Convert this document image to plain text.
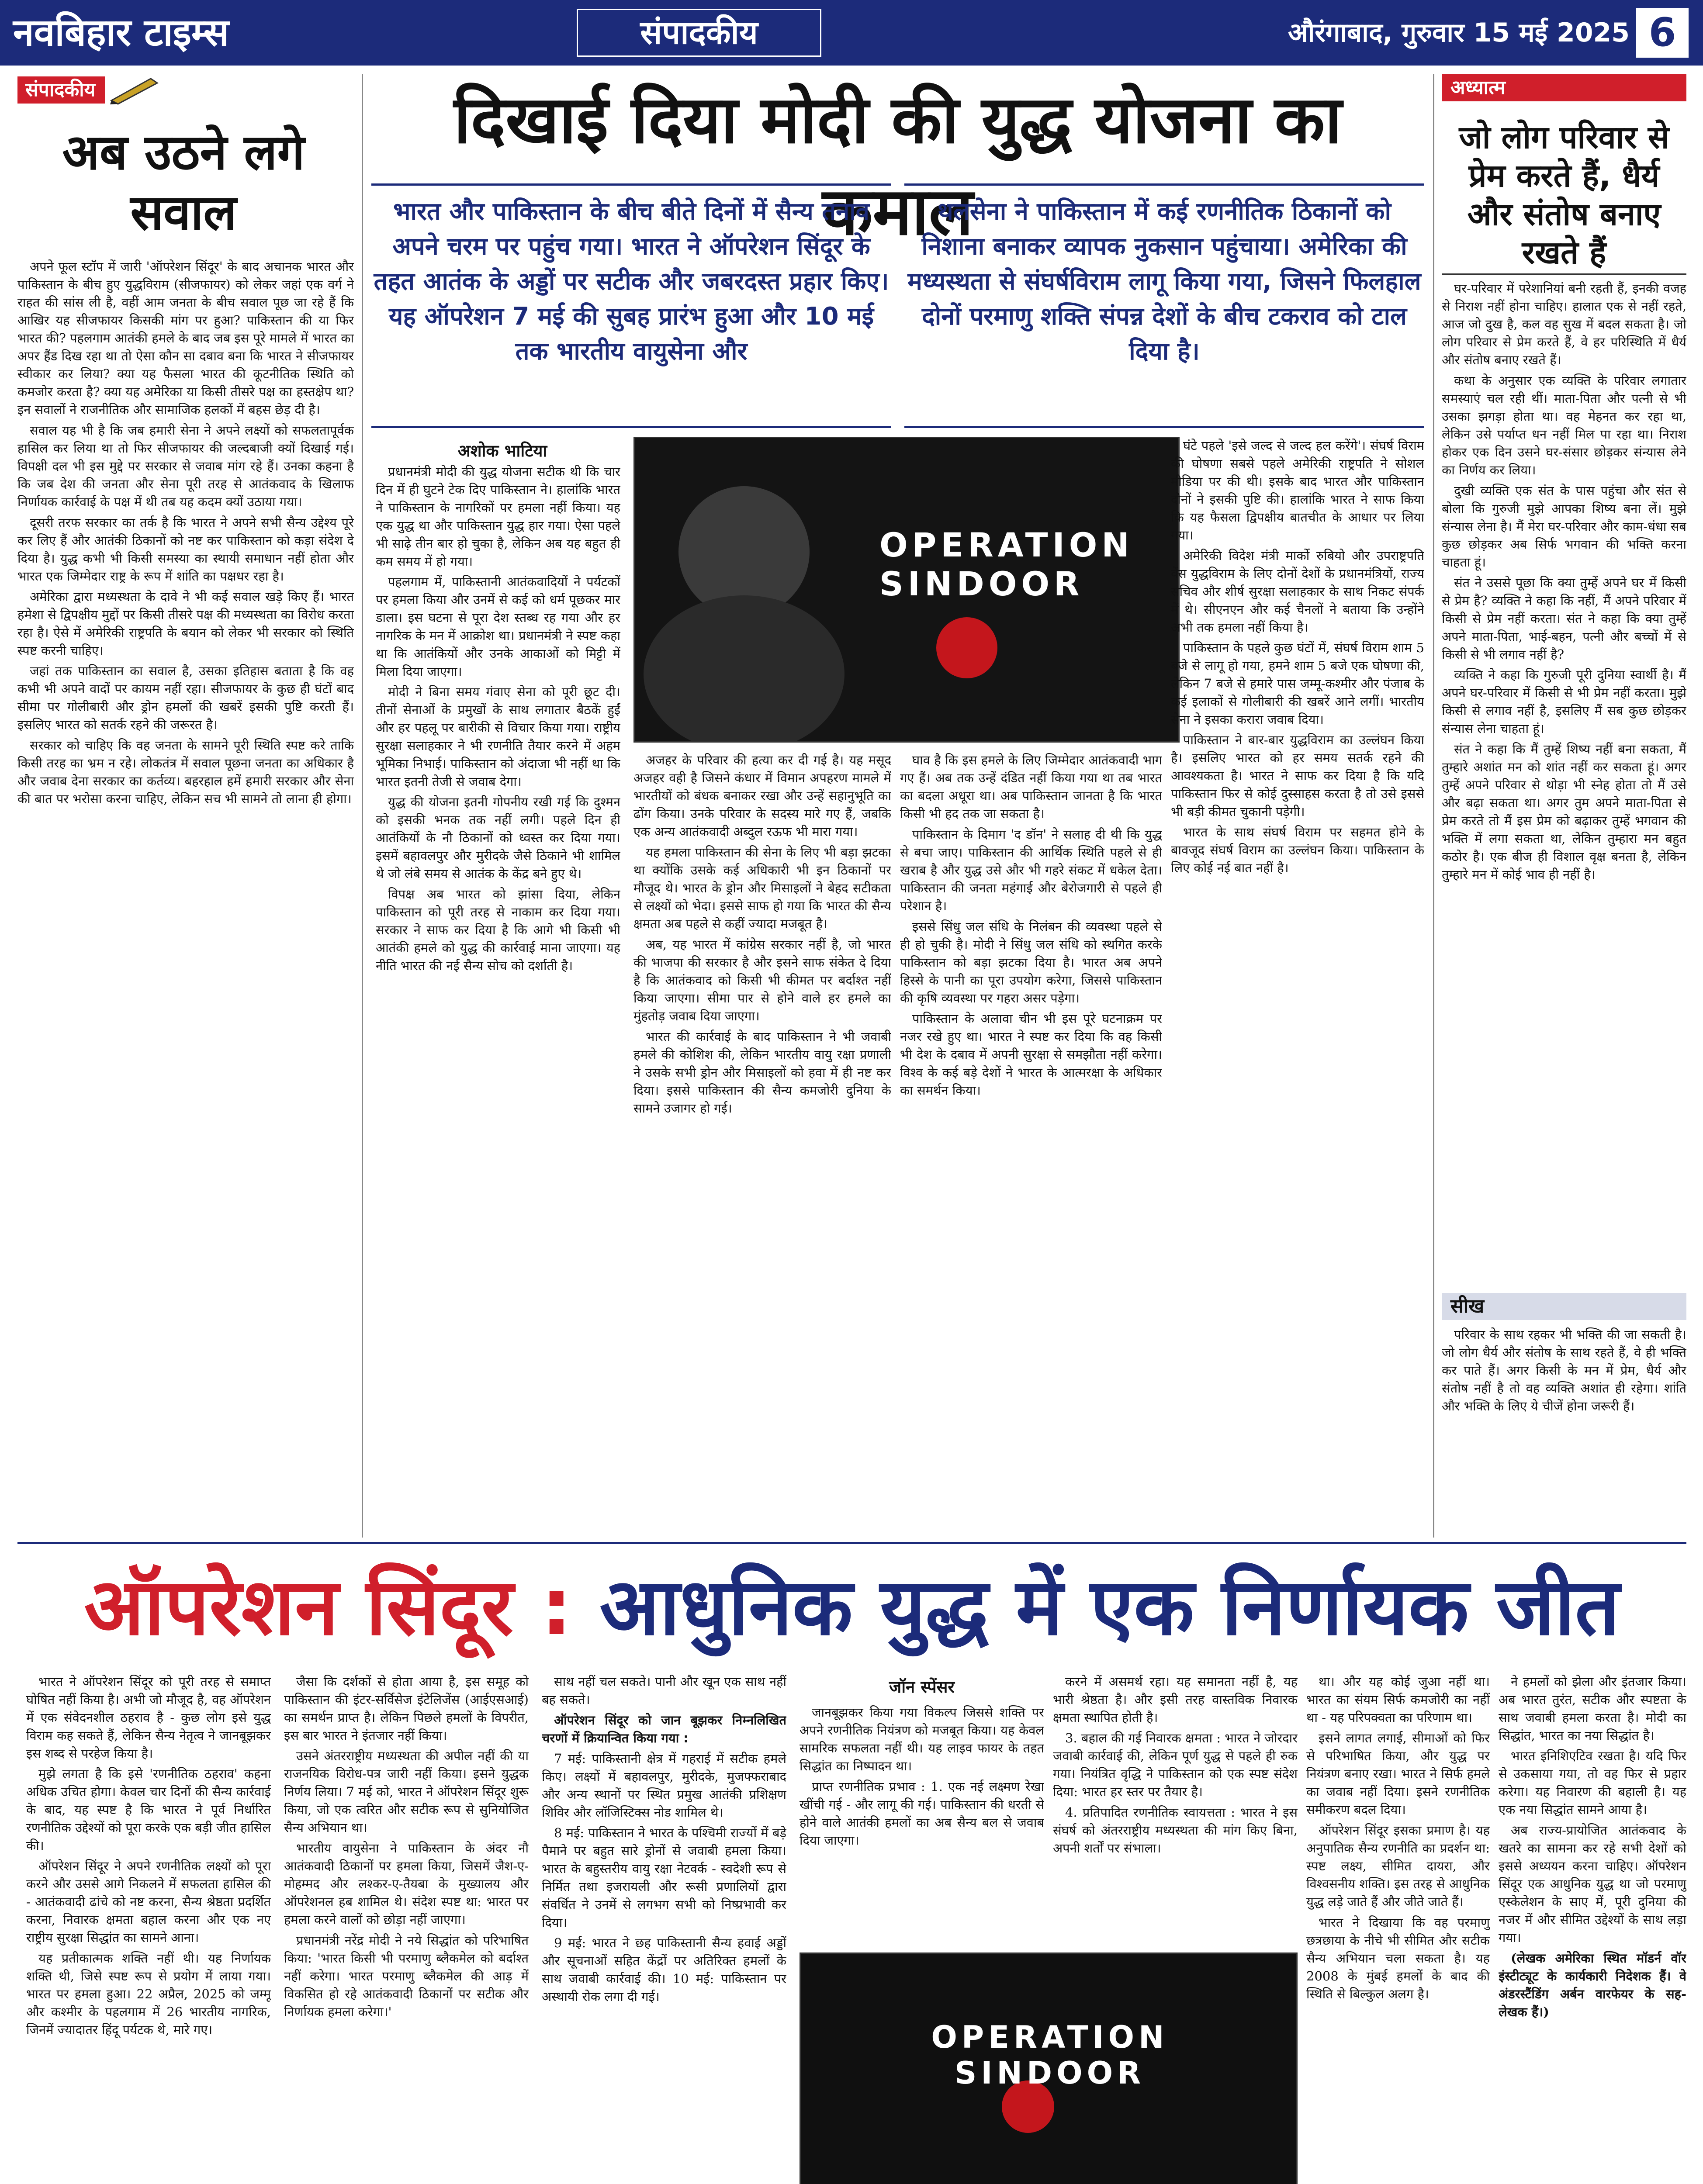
नवबिहार टाइम्स	संपादकीय	औरंगाबाद, गुरुवार 15 मई 2025 6
संपादकीय
अब उठने लगे सवाल

अपने फूल स्टॉप में जारी 'ऑपरेशन सिंदूर' के बाद अचानक भारत और पाकिस्तान के बीच हुए युद्धविराम (सीजफायर) को लेकर जहां एक वर्ग ने राहत की सांस ली है, वहीं आम जनता के बीच सवाल पूछ जा रहे हैं कि आखिर यह सीजफायर किसकी मांग पर हुआ? पाकिस्तान की या फिर भारत की? पहलगाम आतंकी हमले के बाद जब इस पूरे मामले में भारत का अपर हैंड दिख रहा था तो ऐसा कौन सा दबाव बना कि भारत ने सीजफायर स्वीकार कर लिया? क्या यह फैसला भारत की कूटनीतिक स्थिति को कमजोर करता है? क्या यह अमेरिका या किसी तीसरे पक्ष का हस्तक्षेप था? इन सवालों ने राजनीतिक और सामाजिक हलकों में बहस छेड़ दी है।

सवाल यह भी है कि जब हमारी सेना ने अपने लक्ष्यों को सफलतापूर्वक हासिल कर लिया था तो फिर सीजफायर की जल्दबाजी क्यों दिखाई गई। विपक्षी दल भी इस मुद्दे पर सरकार से जवाब मांग रहे हैं। उनका कहना है कि जब देश की जनता और सेना पूरी तरह से आतंकवाद के खिलाफ निर्णायक कार्रवाई के पक्ष में थी तब यह कदम क्यों उठाया गया।

दूसरी तरफ सरकार का तर्क है कि भारत ने अपने सभी सैन्य उद्देश्य पूरे कर लिए हैं और आतंकी ठिकानों को नष्ट कर पाकिस्तान को कड़ा संदेश दे दिया है। युद्ध कभी भी किसी समस्या का स्थायी समाधान नहीं होता और भारत एक जिम्मेदार राष्ट्र के रूप में शांति का पक्षधर रहा है।

अमेरिका द्वारा मध्यस्थता के दावे ने भी कई सवाल खड़े किए हैं। भारत हमेशा से द्विपक्षीय मुद्दों पर किसी तीसरे पक्ष की मध्यस्थता का विरोध करता रहा है। ऐसे में अमेरिकी राष्ट्रपति के बयान को लेकर भी सरकार को स्थिति स्पष्ट करनी चाहिए।

जहां तक पाकिस्तान का सवाल है, उसका इतिहास बताता है कि वह कभी भी अपने वादों पर कायम नहीं रहा। सीजफायर के कुछ ही घंटों बाद सीमा पर गोलीबारी और ड्रोन हमलों की खबरें इसकी पुष्टि करती हैं। इसलिए भारत को सतर्क रहने की जरूरत है।

सरकार को चाहिए कि वह जनता के सामने पूरी स्थिति स्पष्ट करे ताकि किसी तरह का भ्रम न रहे। लोकतंत्र में सवाल पूछना जनता का अधिकार है और जवाब देना सरकार का कर्तव्य। बहरहाल हमें हमारी सरकार और सेना की बात पर भरोसा करना चाहिए, लेकिन सच भी सामने तो लाना ही होगा।

दिखाई दिया मोदी की युद्ध योजना का कमाल
भारत और पाकिस्तान के बीच बीते दिनों में सैन्य तनाव अपने चरम पर पहुंच गया। भारत ने ऑपरेशन सिंदूर के तहत आतंक के अड्डों पर सटीक और जबरदस्त प्रहार किए। यह ऑपरेशन 7 मई की सुबह प्रारंभ हुआ और 10 मई तक भारतीय वायुसेना और
थलसेना ने पाकिस्तान में कई रणनीतिक ठिकानों को निशाना बनाकर व्यापक नुकसान पहुंचाया। अमेरिका की मध्यस्थता से संघर्षविराम लागू किया गया, जिसने फिलहाल दोनों परमाणु शक्ति संपन्न देशों के बीच टकराव को टाल दिया है।
अशोक भाटिया

प्रधानमंत्री मोदी की युद्ध योजना सटीक थी कि चार दिन में ही घुटने टेक दिए पाकिस्तान ने। हालांकि भारत ने पाकिस्तान के नागरिकों पर हमला नहीं किया। यह एक युद्ध था और पाकिस्तान युद्ध हार गया। ऐसा पहले भी साढ़े तीन बार हो चुका है, लेकिन अब यह बहुत ही कम समय में हो गया।

पहलगाम में, पाकिस्तानी आतंकवादियों ने पर्यटकों पर हमला किया और उनमें से कई को धर्म पूछकर मार डाला। इस घटना से पूरा देश स्तब्ध रह गया और हर नागरिक के मन में आक्रोश था। प्रधानमंत्री ने स्पष्ट कहा था कि आतंकियों और उनके आकाओं को मिट्टी में मिला दिया जाएगा।

मोदी ने बिना समय गंवाए सेना को पूरी छूट दी। तीनों सेनाओं के प्रमुखों के साथ लगातार बैठकें हुईं और हर पहलू पर बारीकी से विचार किया गया। राष्ट्रीय सुरक्षा सलाहकार ने भी रणनीति तैयार करने में अहम भूमिका निभाई। पाकिस्तान को अंदाजा भी नहीं था कि भारत इतनी तेजी से जवाब देगा।

युद्ध की योजना इतनी गोपनीय रखी गई कि दुश्मन को इसकी भनक तक नहीं लगी। पहले दिन ही आतंकियों के नौ ठिकानों को ध्वस्त कर दिया गया। इसमें बहावलपुर और मुरीदके जैसे ठिकाने भी शामिल थे जो लंबे समय से आतंक के केंद्र बने हुए थे।

विपक्ष अब भारत को झांसा दिया, लेकिन पाकिस्तान को पूरी तरह से नाकाम कर दिया गया। सरकार ने साफ कर दिया है कि आगे भी किसी भी आतंकी हमले को युद्ध की कार्रवाई माना जाएगा। यह नीति भारत की नई सैन्य सोच को दर्शाती है।

OPERATION SINDOOR

अजहर के परिवार की हत्या कर दी गई है। यह मसूद अजहर वही है जिसने कंधार में विमान अपहरण मामले में भारतीयों को बंधक बनाकर रखा और उन्हें सहानुभूति का ढोंग किया। उनके परिवार के सदस्य मारे गए हैं, जबकि एक अन्य आतंकवादी अब्दुल रऊफ भी मारा गया।

यह हमला पाकिस्तान की सेना के लिए भी बड़ा झटका था क्योंकि उसके कई अधिकारी भी इन ठिकानों पर मौजूद थे। भारत के ड्रोन और मिसाइलों ने बेहद सटीकता से लक्ष्यों को भेदा। इससे साफ हो गया कि भारत की सैन्य क्षमता अब पहले से कहीं ज्यादा मजबूत है।

अब, यह भारत में कांग्रेस सरकार नहीं है, जो भारत की भाजपा की सरकार है और इसने साफ संकेत दे दिया है कि आतंकवाद को किसी भी कीमत पर बर्दाश्त नहीं किया जाएगा। सीमा पार से होने वाले हर हमले का मुंहतोड़ जवाब दिया जाएगा।

भारत की कार्रवाई के बाद पाकिस्तान ने भी जवाबी हमले की कोशिश की, लेकिन भारतीय वायु रक्षा प्रणाली ने उसके सभी ड्रोन और मिसाइलों को हवा में ही नष्ट कर दिया। इससे पाकिस्तान की सैन्य कमजोरी दुनिया के सामने उजागर हो गई।

घाव है कि इस हमले के लिए जिम्मेदार आतंकवादी भाग गए हैं। अब तक उन्हें दंडित नहीं किया गया था तब भारत का बदला अधूरा था। अब पाकिस्तान जानता है कि भारत किसी भी हद तक जा सकता है।

पाकिस्तान के दिमाग 'द डॉन' ने सलाह दी थी कि युद्ध से बचा जाए। पाकिस्तान की आर्थिक स्थिति पहले से ही खराब है और युद्ध उसे और भी गहरे संकट में धकेल देता। पाकिस्तान की जनता महंगाई और बेरोजगारी से पहले ही परेशान है।

इससे सिंधु जल संधि के निलंबन की व्यवस्था पहले से ही हो चुकी है। मोदी ने सिंधु जल संधि को स्थगित करके पाकिस्तान को बड़ा झटका दिया है। भारत अब अपने हिस्से के पानी का पूरा उपयोग करेगा, जिससे पाकिस्तान की कृषि व्यवस्था पर गहरा असर पड़ेगा।

पाकिस्तान के अलावा चीन भी इस पूरे घटनाक्रम पर नजर रखे हुए था। भारत ने स्पष्ट कर दिया कि वह किसी भी देश के दबाव में अपनी सुरक्षा से समझौता नहीं करेगा। विश्व के कई बड़े देशों ने भारत के आत्मरक्षा के अधिकार का समर्थन किया।

घंटे पहले 'इसे जल्द से जल्द हल करेंगे'। संघर्ष विराम की घोषणा सबसे पहले अमेरिकी राष्ट्रपति ने सोशल मीडिया पर की थी। इसके बाद भारत और पाकिस्तान दोनों ने इसकी पुष्टि की। हालांकि भारत ने साफ किया कि यह फैसला द्विपक्षीय बातचीत के आधार पर लिया गया।

अमेरिकी विदेश मंत्री मार्को रुबियो और उपराष्ट्रपति वेंस युद्धविराम के लिए दोनों देशों के प्रधानमंत्रियों, राज्य सचिव और शीर्ष सुरक्षा सलाहकार के साथ निकट संपर्क में थे। सीएनएन और कई चैनलों ने बताया कि उन्होंने अभी तक हमला नहीं किया है।

पाकिस्तान के पहले कुछ घंटों में, संघर्ष विराम शाम 5 बजे से लागू हो गया, हमने शाम 5 बजे एक घोषणा की, लेकिन 7 बजे से हमारे पास जम्मू-कश्मीर और पंजाब के कई इलाकों से गोलीबारी की खबरें आने लगीं। भारतीय सेना ने इसका करारा जवाब दिया।

पाकिस्तान ने बार-बार युद्धविराम का उल्लंघन किया है। इसलिए भारत को हर समय सतर्क रहने की आवश्यकता है। भारत ने साफ कर दिया है कि यदि पाकिस्तान फिर से कोई दुस्साहस करता है तो उसे इससे भी बड़ी कीमत चुकानी पड़ेगी।

भारत के साथ संघर्ष विराम पर सहमत होने के बावजूद संघर्ष विराम का उल्लंघन किया। पाकिस्तान के लिए कोई नई बात नहीं है।

अध्यात्म
जो लोग परिवार से प्रेम करते हैं, धैर्य और संतोष बनाए रखते हैं

घर-परिवार में परेशानियां बनी रहती हैं, इनकी वजह से निराश नहीं होना चाहिए। हालात एक से नहीं रहते, आज जो दुख है, कल वह सुख में बदल सकता है। जो लोग परिवार से प्रेम करते हैं, वे हर परिस्थिति में धैर्य और संतोष बनाए रखते हैं।

कथा के अनुसार एक व्यक्ति के परिवार लगातार समस्याएं चल रही थीं। माता-पिता और पत्नी से भी उसका झगड़ा होता था। वह मेहनत कर रहा था, लेकिन उसे पर्याप्त धन नहीं मिल पा रहा था। निराश होकर एक दिन उसने घर-संसार छोड़कर संन्यास लेने का निर्णय कर लिया।

दुखी व्यक्ति एक संत के पास पहुंचा और संत से बोला कि गुरुजी मुझे आपका शिष्य बना लें। मुझे संन्यास लेना है। मैं मेरा घर-परिवार और काम-धंधा सब कुछ छोड़कर अब सिर्फ भगवान की भक्ति करना चाहता हूं।

संत ने उससे पूछा कि क्या तुम्हें अपने घर में किसी से प्रेम है? व्यक्ति ने कहा कि नहीं, मैं अपने परिवार में किसी से प्रेम नहीं करता। संत ने कहा कि क्या तुम्हें अपने माता-पिता, भाई-बहन, पत्नी और बच्चों में से किसी से भी लगाव नहीं है?

व्यक्ति ने कहा कि गुरुजी पूरी दुनिया स्वार्थी है। मैं अपने घर-परिवार में किसी से भी प्रेम नहीं करता। मुझे किसी से लगाव नहीं है, इसलिए मैं सब कुछ छोड़कर संन्यास लेना चाहता हूं।

संत ने कहा कि मैं तुम्हें शिष्य नहीं बना सकता, मैं तुम्हारे अशांत मन को शांत नहीं कर सकता हूं। अगर तुम्हें अपने परिवार से थोड़ा भी स्नेह होता तो मैं उसे और बढ़ा सकता था। अगर तुम अपने माता-पिता से प्रेम करते तो मैं इस प्रेम को बढ़ाकर तुम्हें भगवान की भक्ति में लगा सकता था, लेकिन तुम्हारा मन बहुत कठोर है। एक बीज ही विशाल वृक्ष बनता है, लेकिन तुम्हारे मन में कोई भाव ही नहीं है।

सीख

परिवार के साथ रहकर भी भक्ति की जा सकती है। जो लोग धैर्य और संतोष के साथ रहते हैं, वे ही भक्ति कर पाते हैं। अगर किसी के मन में प्रेम, धैर्य और संतोष नहीं है तो वह व्यक्ति अशांत ही रहेगा। शांति और भक्ति के लिए ये चीजें होना जरूरी हैं।

ऑपरेशन सिंदूर : आधुनिक युद्ध में एक निर्णायक जीत

भारत ने ऑपरेशन सिंदूर को पूरी तरह से समाप्त घोषित नहीं किया है। अभी जो मौजूद है, वह ऑपरेशन में एक संवेदनशील ठहराव है - कुछ लोग इसे युद्ध विराम कह सकते हैं, लेकिन सैन्य नेतृत्व ने जानबूझकर इस शब्द से परहेज किया है।

मुझे लगता है कि इसे 'रणनीतिक ठहराव' कहना अधिक उचित होगा। केवल चार दिनों की सैन्य कार्रवाई के बाद, यह स्पष्ट है कि भारत ने पूर्व निर्धारित रणनीतिक उद्देश्यों को पूरा करके एक बड़ी जीत हासिल की।

ऑपरेशन सिंदूर ने अपने रणनीतिक लक्ष्यों को पूरा करने और उससे आगे निकलने में सफलता हासिल की - आतंकवादी ढांचे को नष्ट करना, सैन्य श्रेष्ठता प्रदर्शित करना, निवारक क्षमता बहाल करना और एक नए राष्ट्रीय सुरक्षा सिद्धांत का सामने आना।

यह प्रतीकात्मक शक्ति नहीं थी। यह निर्णायक शक्ति थी, जिसे स्पष्ट रूप से प्रयोग में लाया गया। भारत पर हमला हुआ। 22 अप्रैल, 2025 को जम्मू और कश्मीर के पहलगाम में 26 भारतीय नागरिक, जिनमें ज्यादातर हिंदू पर्यटक थे, मारे गए।

जैसा कि दर्शकों से होता आया है, इस समूह को पाकिस्तान की इंटर-सर्विसेज इंटेलिजेंस (आईएसआई) का समर्थन प्राप्त है। लेकिन पिछले हमलों के विपरीत, इस बार भारत ने इंतजार नहीं किया।

उसने अंतरराष्ट्रीय मध्यस्थता की अपील नहीं की या राजनयिक विरोध-पत्र जारी नहीं किया। इसने युद्धक निर्णय लिया। 7 मई को, भारत ने ऑपरेशन सिंदूर शुरू किया, जो एक त्वरित और सटीक रूप से सुनियोजित सैन्य अभियान था।

भारतीय वायुसेना ने पाकिस्तान के अंदर नौ आतंकवादी ठिकानों पर हमला किया, जिसमें जैश-ए-मोहम्मद और लश्कर-ए-तैयबा के मुख्यालय और ऑपरेशनल हब शामिल थे। संदेश स्पष्ट था: भारत पर हमला करने वालों को छोड़ा नहीं जाएगा।

प्रधानमंत्री नरेंद्र मोदी ने नये सिद्धांत को परिभाषित किया: 'भारत किसी भी परमाणु ब्लैकमेल को बर्दाश्त नहीं करेगा। भारत परमाणु ब्लैकमेल की आड़ में विकसित हो रहे आतंकवादी ठिकानों पर सटीक और निर्णायक हमला करेगा।'

साथ नहीं चल सकते। पानी और खून एक साथ नहीं बह सकते।

ऑपरेशन सिंदूर को जान बूझकर निम्नलिखित चरणों में क्रियान्वित किया गया :

7 मई: पाकिस्तानी क्षेत्र में गहराई में सटीक हमले किए। लक्ष्यों में बहावलपुर, मुरीदके, मुजफ्फराबाद और अन्य स्थानों पर स्थित प्रमुख आतंकी प्रशिक्षण शिविर और लॉजिस्टिक्स नोड शामिल थे।

8 मई: पाकिस्तान ने भारत के पश्चिमी राज्यों में बड़े पैमाने पर बहुत सारे ड्रोनों से जवाबी हमला किया। भारत के बहुस्तरीय वायु रक्षा नेटवर्क - स्वदेशी रूप से निर्मित तथा इजरायली और रूसी प्रणालियों द्वारा संवर्धित ने उनमें से लगभग सभी को निष्प्रभावी कर दिया।

9 मई: भारत ने छह पाकिस्तानी सैन्य हवाई अड्डों और सूचनाओं सहित केंद्रों पर अतिरिक्त हमलों के साथ जवाबी कार्रवाई की। 10 मई: पाकिस्तान पर अस्थायी रोक लगा दी गई।

जॉन स्पेंसर

जानबूझकर किया गया विकल्प जिससे शक्ति पर अपने रणनीतिक नियंत्रण को मजबूत किया। यह केवल सामरिक सफलता नहीं थी। यह लाइव फायर के तहत सिद्धांत का निष्पादन था।

प्राप्त रणनीतिक प्रभाव : 1. एक नई लक्ष्मण रेखा खींची गई - और लागू की गई। पाकिस्तान की धरती से होने वाले आतंकी हमलों का अब सैन्य बल से जवाब दिया जाएगा।

OPERATION SINDOOR

करने में असमर्थ रहा। यह समानता नहीं है, यह भारी श्रेष्ठता है। और इसी तरह वास्तविक निवारक क्षमता स्थापित होती है।

3. बहाल की गई निवारक क्षमता : भारत ने जोरदार जवाबी कार्रवाई की, लेकिन पूर्ण युद्ध से पहले ही रुक गया। नियंत्रित वृद्धि ने पाकिस्तान को एक स्पष्ट संदेश दिया: भारत हर स्तर पर तैयार है।

4. प्रतिपादित रणनीतिक स्वायत्तता : भारत ने इस संघर्ष को अंतरराष्ट्रीय मध्यस्थता की मांग किए बिना, अपनी शर्तों पर संभाला।

था। और यह कोई जुआ नहीं था। भारत का संयम सिर्फ कमजोरी का नहीं था - यह परिपक्वता का परिणाम था।

इसने लागत लगाई, सीमाओं को फिर से परिभाषित किया, और युद्ध पर नियंत्रण बनाए रखा। भारत ने सिर्फ हमले का जवाब नहीं दिया। इसने रणनीतिक समीकरण बदल दिया।

ऑपरेशन सिंदूर इसका प्रमाण है। यह अनुपातिक सैन्य रणनीति का प्रदर्शन था: स्पष्ट लक्ष्य, सीमित दायरा, और विश्वसनीय शक्ति। इस तरह से आधुनिक युद्ध लड़े जाते हैं और जीते जाते हैं।

भारत ने दिखाया कि वह परमाणु छत्रछाया के नीचे भी सीमित और सटीक सैन्य अभियान चला सकता है। यह 2008 के मुंबई हमलों के बाद की स्थिति से बिल्कुल अलग है।

ने हमलों को झेला और इंतजार किया। अब भारत तुरंत, सटीक और स्पष्टता के साथ जवाबी हमला करता है। मोदी का सिद्धांत, भारत का नया सिद्धांत है।

भारत इनिशिएटिव रखता है। यदि फिर से उकसाया गया, तो वह फिर से प्रहार करेगा। यह निवारण की बहाली है। यह एक नया सिद्धांत सामने आया है।

अब राज्य-प्रायोजित आतंकवाद के खतरे का सामना कर रहे सभी देशों को इससे अध्ययन करना चाहिए। ऑपरेशन सिंदूर एक आधुनिक युद्ध था जो परमाणु एस्केलेशन के साए में, पूरी दुनिया की नजर में और सीमित उद्देश्यों के साथ लड़ा गया।

(लेखक अमेरिका स्थित मॉडर्न वॉर इंस्टीट्यूट के कार्यकारी निदेशक हैं। वे अंडरस्टैंडिंग अर्बन वारफेयर के सह-लेखक हैं।)
